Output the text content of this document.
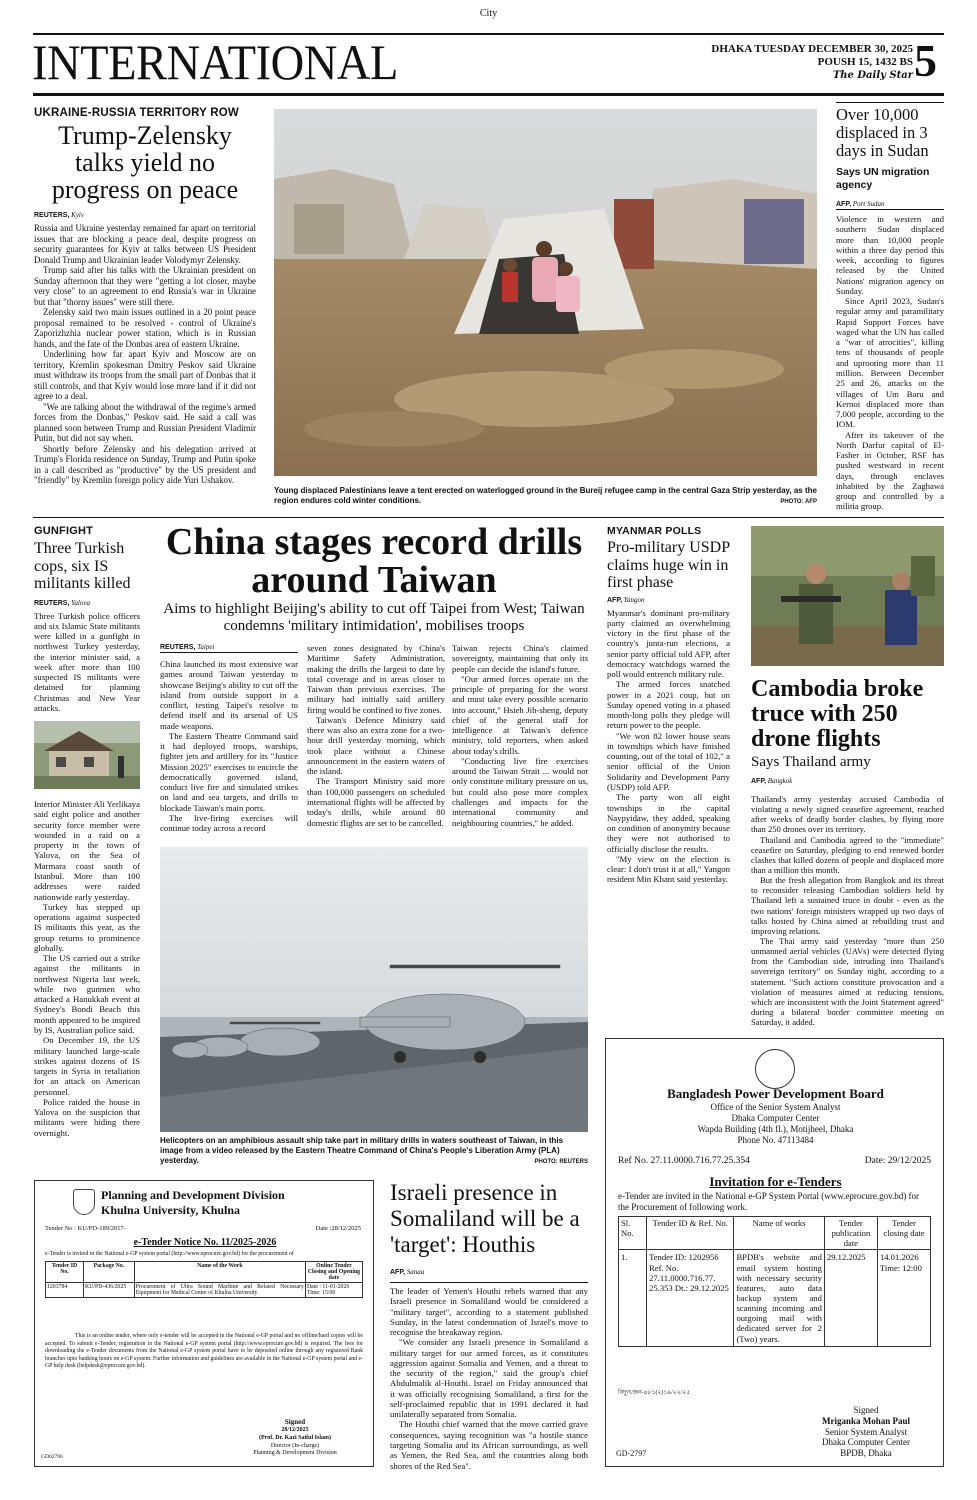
City
INTERNATIONAL	DHAKA TUESDAY DECEMBER 30, 2025
POUSH 15, 1432 BS
The Daily Star 5
UKRAINE-RUSSIA TERRITORY ROW
Trump-Zelensky talks yield no progress on peace
REUTERS, Kyiv

Russia and Ukraine yesterday remained far apart on territorial issues that are blocking a peace deal, despite progress on security guarantees for Kyiv at talks between US President Donald Trump and Ukrainian leader Volodymyr Zelensky.

Trump said after his talks with the Ukrainian president on Sunday afternoon that they were "getting a lot closer, maybe very close" to an agreement to end Russia's war in Ukraine but that "thorny issues" were still there.

Zelensky said two main issues outlined in a 20 point peace proposal remained to be resolved - control of Ukraine's Zaporizhzhia nuclear power station, which is in Russian hands, and the fate of the Donbas area of eastern Ukraine.

Underlining how far apart Kyiv and Moscow are on territory, Kremlin spokesman Dmitry Peskov said Ukraine must withdraw its troops from the small part of Donbas that it still controls, and that Kyiv would lose more land if it did not agree to a deal.

"We are talking about the withdrawal of the regime's armed forces from the Donbas," Peskov said. He said a call was planned soon between Trump and Russian President Vladimir Putin, but did not say when.

Shortly before Zelensky and his delegation arrived at Trump's Florida residence on Sunday, Trump and Putin spoke in a call described as "productive" by the US president and "friendly" by Kremlin foreign policy aide Yuri Ushakov.

Young displaced Palestinians leave a tent erected on waterlogged ground in the Bureij refugee camp in the central Gaza Strip yesterday, as the region endures cold winter conditions.	PHOTO: AFP
Over 10,000 displaced in 3 days in Sudan
Says UN migration agency
AFP, Port Sudan

Violence in western and southern Sudan displaced more than 10,000 people within a three day period this week, according to figures released by the United Nations' migration agency on Sunday.

Since April 2023, Sudan's regular army and paramilitary Rapid Support Forces have waged what the UN has called a "war of atrocities", killing tens of thousands of people and uprooting more than 11 million. Between December 25 and 26, attacks on the villages of Um Baru and Kernoi displaced more than 7,000 people, according to the IOM.

After its takeover of the North Darfur capital of El-Fasher in October, RSF has pushed westward in recent days, through enclaves inhabited by the Zaghawa group and controlled by a militia group.

GUNFIGHT
Three Turkish cops, six IS militants killed
REUTERS, Yalova

Three Turkish police officers and six Islamic State militants were killed in a gunfight in northwest Turkey yesterday, the interior minister said, a week after more than 100 suspected IS militants were detained for planning Christmas and New Year attacks.

Interior Minister Ali Yerlikaya said eight police and another security force member were wounded in a raid on a property in the town of Yalova, on the Sea of Marmara coast south of Istanbul. More than 100 addresses were raided nationwide early yesterday.

Turkey has stepped up operations against suspected IS militants this year, as the group returns to prominence globally.

The US carried out a strike against the militants in northwest Nigeria last week, while two gunmen who attacked a Hanukkah event at Sydney's Bondi Beach this month appeared to be inspired by IS, Australian police said.

On December 19, the US military launched large-scale strikes against dozens of IS targets in Syria in retaliation for an attack on American personnel.

Police raided the house in Yalova on the suspicion that militants were hiding there overnight.

China stages record drills around Taiwan
Aims to highlight Beijing's ability to cut off Taipei from West; Taiwan condemns 'military intimidation', mobilises troops
REUTERS, Taipei

China launched its most extensive war games around Taiwan yesterday to showcase Beijing's ability to cut off the island from outside support in a conflict, testing Taipei's resolve to defend itself and its arsenal of US made weapons.

The Eastern Theatre Command said it had deployed troops, warships, fighter jets and artillery for its "Justice Mission 2025" exercises to encircle the democratically governed island, conduct live fire and simulated strikes on land and sea targets, and drills to blockade Taiwan's main ports.

The live-firing exercises will continue today across a record

seven zones designated by China's Maritime Safety Administration, making the drills the largest to date by total coverage and in areas closer to Taiwan than previous exercises. The military had initially said artillery firing would be confined to five zones.

Taiwan's Defence Ministry said there was also an extra zone for a two-hour drill yesterday morning, which took place without a Chinese announcement in the eastern waters of the island.

The Transport Ministry said more than 100,000 passengers on scheduled international flights will be affected by today's drills, while around 80 domestic flights are set to be cancelled.

Taiwan rejects China's claimed sovereignty, maintaining that only its people can decide the island's future.

"Our armed forces operate on the principle of preparing for the worst and must take every possible scenario into account," Hsieh Jih-sheng, deputy chief of the general staff for intelligence at Taiwan's defence ministry, told reporters, when asked about today's drills.

"Conducting live fire exercises around the Taiwan Strait ... would not only constitute military pressure on us, but could also pose more complex challenges and impacts for the international community and neighbouring countries," he added.

Helicopters on an amphibious assault ship take part in military drills in waters southeast of Taiwan, in this image from a video released by the Eastern Theatre Command of China's People's Liberation Army (PLA) yesterday.	PHOTO: REUTERS
MYANMAR POLLS
Pro-military USDP claims huge win in first phase
AFP, Yangon

Myanmar's dominant pro-military party claimed an overwhelming victory in the first phase of the country's junta-run elections, a senior party official told AFP, after democracy watchdogs warned the poll would entrench military rule.

The armed forces snatched power in a 2021 coup, but on Sunday opened voting in a phased month-long polls they pledge will return power to the people.

"We won 82 lower house seats in townships which have finished counting, out of the total of 102," a senior official of the Union Solidarity and Development Party (USDP) told AFP.

The party won all eight townships in the capital Naypyidaw, they added, speaking on condition of anonymity because they were not authorised to officially disclose the results.

"My view on the election is clear: I don't trust it at all," Yangon resident Min Khant said yesterday.

Cambodia broke truce with 250 drone flights
Says Thailand army
AFP, Bangkok

Thailand's army yesterday accused Cambodia of violating a newly signed ceasefire agreement, reached after weeks of deadly border clashes, by flying more than 250 drones over its territory.

Thailand and Cambodia agreed to the "immediate" ceasefire on Saturday, pledging to end renewed border clashes that killed dozens of people and displaced more than a million this month.

But the fresh allegation from Bangkok and its threat to reconsider releasing Cambodian soldiers held by Thailand left a sustained truce in doubt - even as the two nations' foreign ministers wrapped up two days of talks hosted by China aimed at rebuilding trust and improving relations.

The Thai army said yesterday "more than 250 unmanned aerial vehicles (UAVs) were detected flying from the Cambodian side, intruding into Thailand's sovereign territory" on Sunday night, according to a statement. "Such actions constitute provocation and a violation of measures aimed at reducing tensions, which are inconsistent with the Joint Statement agreed" during a bilateral border committee meeting on Saturday, it added.

Planning and Development Division
Khulna University, Khulna
Tender No : KU/PD-189/2017-	Date :28/12/2025
e-Tender Notice No. 11/2025-2026
e-Tender is invited in the National e-GP system portal (http://www.eprocure.gov.bd) for the procurement of
Tender ID No.	Package No.	Name of the Work	Online Tender Closing and Opening date
1203784	KU/PD-436/2025	Procurement of Ultra Sound Machine and Related Necessary Equipment for Medical Centre of Khulna University	Date : 11-01-2026 Time: 15:00
This is an online tender, where only e-tender will be accepted in the National e-GP portal and no offline/hard copies will be accepted. To submit e-Tender, registration in the National e-GP system portal (http://www.eprocure.gov.bd) is required. The fees for downloading the e-Tender documents from the National e-GP system portal have to be deposited online through any registered Bank branches upto banking hours on e-GP system. Further information and guidelines are available in the National e-GP system portal and e-GP help desk (helpdesk@eprocure.gov.bd).
Signed
28/12/2025
(Prof. Dr. Kazi Saiful Islam)
Director (In-charge)
Planning & Development Division
GD02796
Israeli presence in Somaliland will be a 'target': Houthis
AFP, Sanaa

The leader of Yemen's Houthi rebels warned that any Israeli presence in Somaliland would be considered a "military target", according to a statement published Sunday, in the latest condemnation of Israel's move to recognise the breakaway region.

"We consider any Israeli presence in Somaliland a military target for our armed forces, as it constitutes aggression against Somalia and Yemen, and a threat to the security of the region," said the group's chief Abdulmalik al-Houthi. Israel on Friday announced that it was officially recognising Somaliland, a first for the self-proclaimed republic that in 1991 declared it had unilaterally separated from Somalia.

The Houthi chief warned that the move carried grave consequences, saying recognition was "a hostile stance targeting Somalia and its African surroundings, as well as Yemen, the Red Sea, and the countries along both shores of the Red Sea".

Bangladesh Power Development Board
Office of the Senior System Analyst
Dhaka Computer Center
Wapda Building (4th fl.), Motijheel, Dhaka
Phone No. 47113484
Ref No. 27.11.0000.716.77.25.354	Date: 29/12/2025
Invitation for e-Tenders
e-Tender are invited in the National e-GP System Portal (www.eprocure.gov.bd) for the Procurement of following work.
Sl. No.	Tender ID & Ref. No.	Name of works	Tender publication date	Tender closing date
1.	Tender ID: 1202956 Ref. No. 27.11.0000.716.77. 25.353 Dt.: 29.12.2025	BPDB's website and email system hosting with necessary security features, auto data backup system and scanning incoming and outgoing mail with dedicated server for 2 (Two) years.	29.12.2025	14.01.2026 Time: 12:00
বিদ্যুৎ/জন-৪৮১(২)১৯/২২/২৫
Signed
Mriganka Mohan Paul
Senior System Analyst
Dhaka Computer Center
BPDB, Dhaka
GD-2797
